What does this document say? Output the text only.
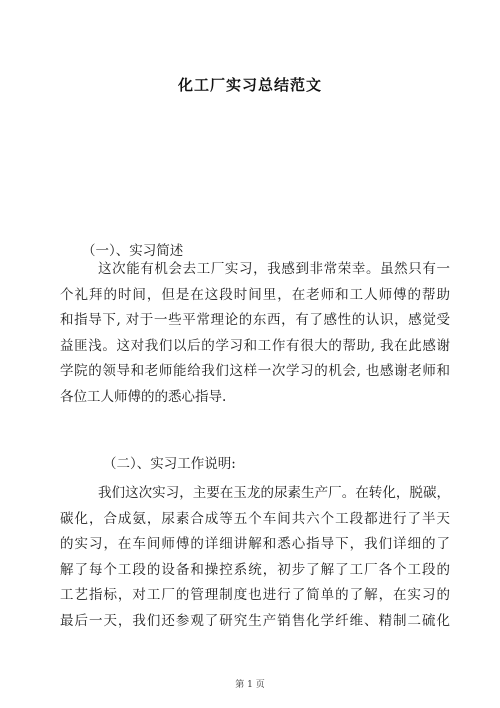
化工厂实习总结范文
（一）、实习简述
这次能有机会去工厂实习，我感到非常荣幸。虽然只有一
个礼拜的时间，但是在这段时间里，在老师和工人师傅的帮助
和指导下, 对于一些平常理论的东西，有了感性的认识，感觉受
益匪浅。这对我们以后的学习和工作有很大的帮助, 我在此感谢
学院的领导和老师能给我们这样一次学习的机会, 也感谢老师和
各位工人师傅的的悉心指导.
（二）、实习工作说明:
我们这次实习，主要在玉龙的尿素生产厂。在转化，脱碳，
碳化，合成氨，尿素合成等五个车间共六个工段都进行了半天
的实习，在车间师傅的详细讲解和悉心指导下，我们详细的了
解了每个工段的设备和操控系统，初步了解了工厂各个工段的
工艺指标，对工厂的管理制度也进行了简单的了解，在实习的
最后一天，我们还参观了研究生产销售化学纤维、精制二硫化
第 1 页
